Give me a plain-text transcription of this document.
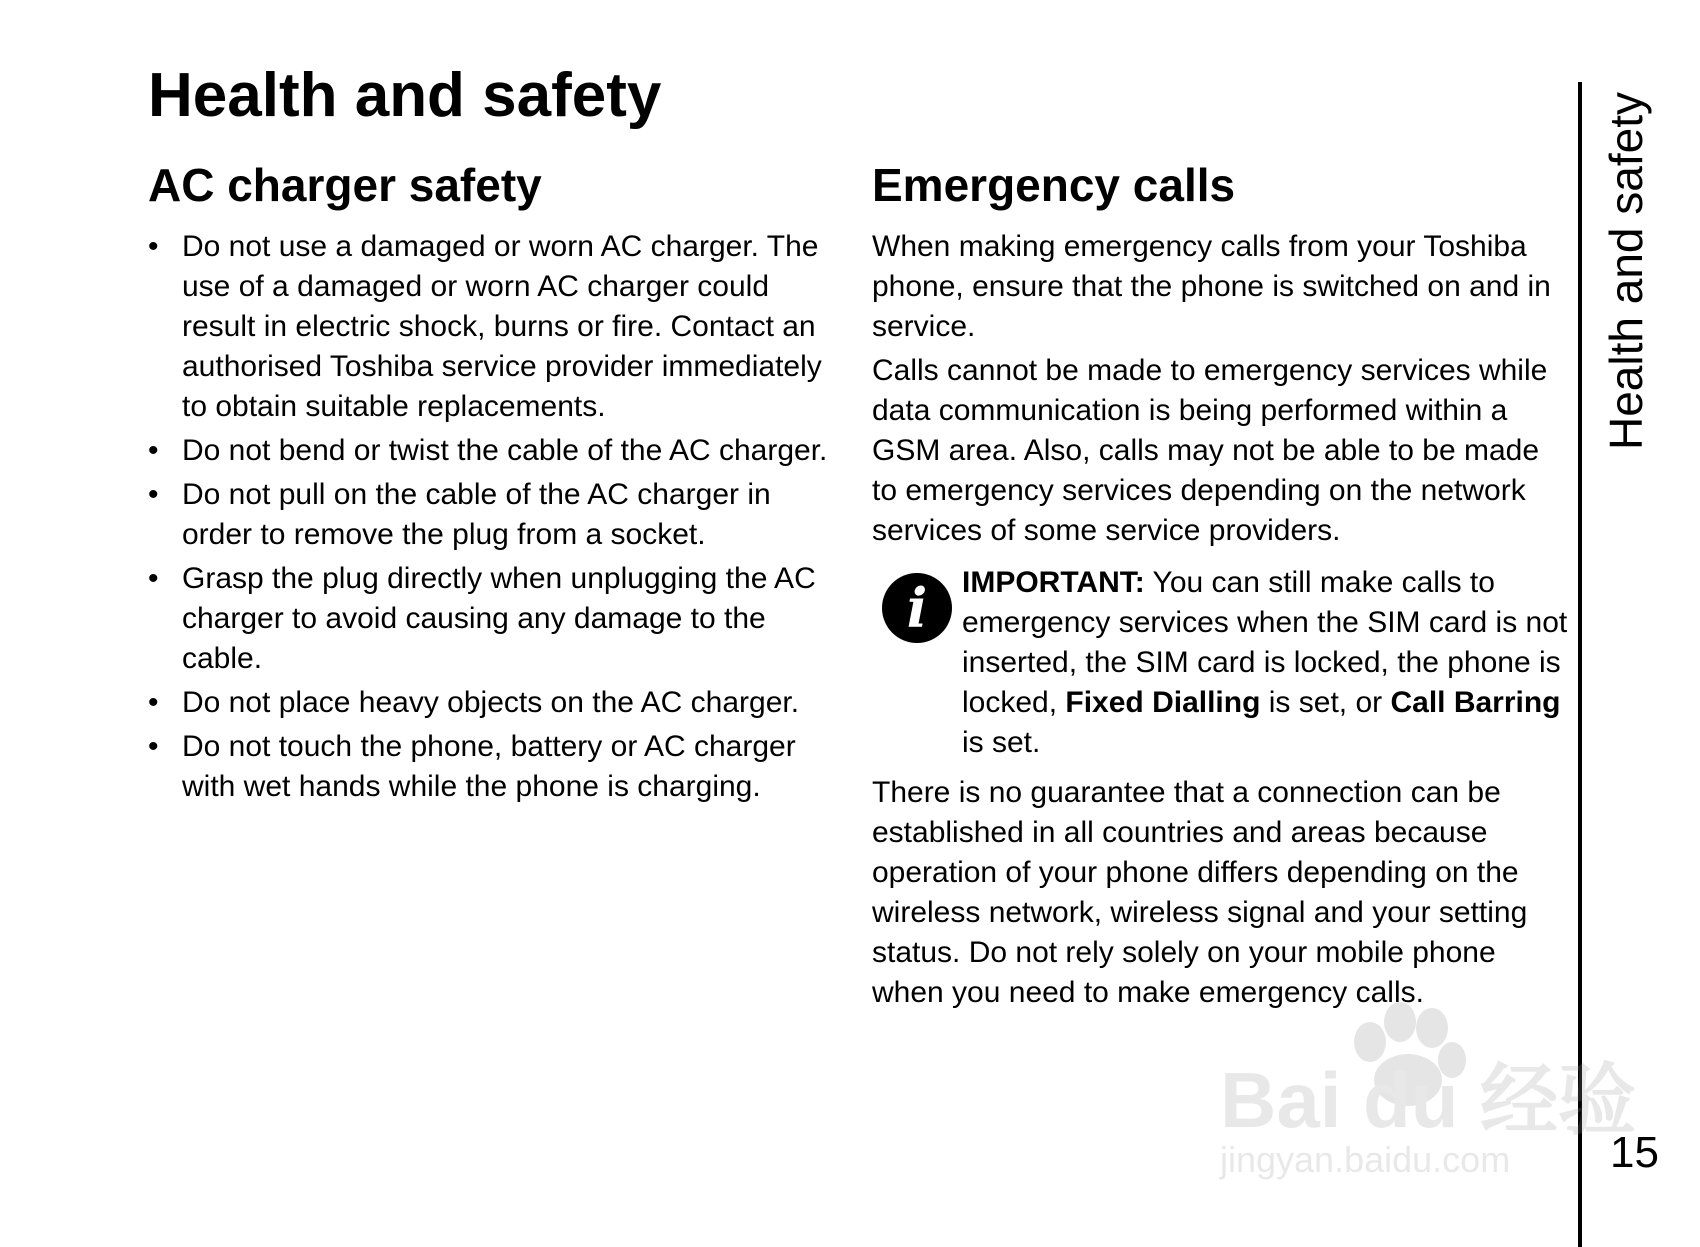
Health and safety
AC charger safety
• Do not use a damaged or worn AC charger. The use of a damaged or worn AC charger could result in electric shock, burns or fire. Contact an authorised Toshiba service provider immediately to obtain suitable replacements.
• Do not bend or twist the cable of the AC charger.
• Do not pull on the cable of the AC charger in order to remove the plug from a socket.
• Grasp the plug directly when unplugging the AC charger to avoid causing any damage to the cable.
• Do not place heavy objects on the AC charger.
• Do not touch the phone, battery or AC charger with wet hands while the phone is charging.
Emergency calls

When making emergency calls from your Toshiba phone, ensure that the phone is switched on and in service.

Calls cannot be made to emergency services while data communication is being performed within a GSM area. Also, calls may not be able to be made to emergency services depending on the network services of some service providers.

i	IMPORTANT: You can still make calls to emergency services when the SIM card is not inserted, the SIM card is locked, the phone is locked, Fixed Dialling is set, or Call Barring is set.

There is no guarantee that a connection can be established in all countries and areas because operation of your phone differs depending on the wireless network, wireless signal and your setting status. Do not rely solely on your mobile phone when you need to make emergency calls.

Health and safety
15
Bai du 经验
jingyan.baidu.com
